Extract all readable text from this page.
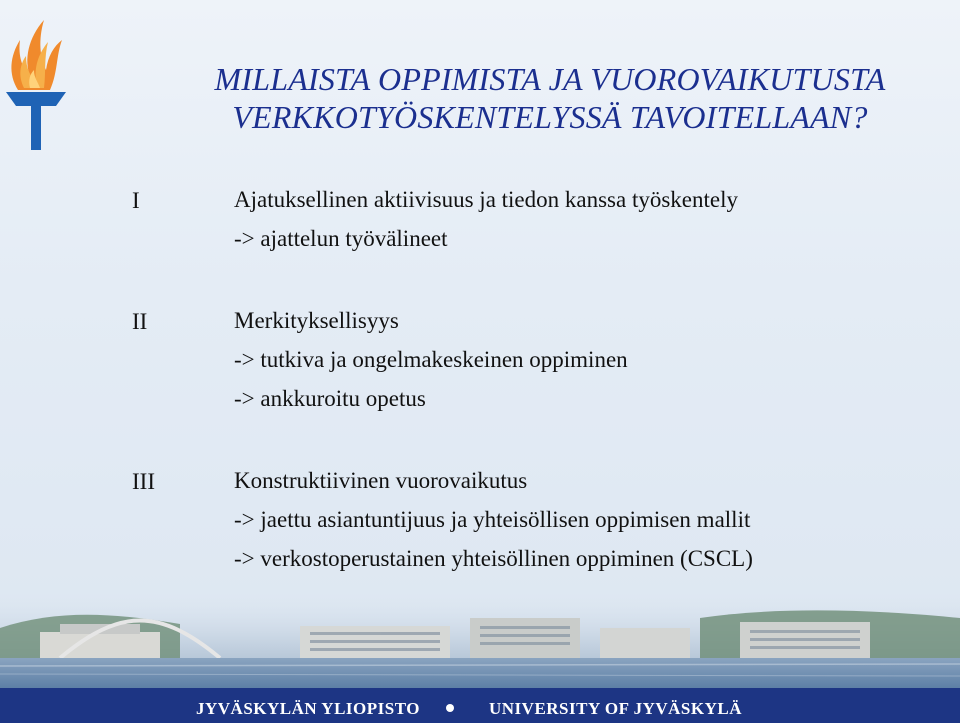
MILLAISTA OPPIMISTA JA VUOROVAIKUTUSTA
VERKKOTYÖSKENTELYSSÄ TAVOITELLAAN?
I	Ajatuksellinen aktiivisuus ja tiedon kanssa työskentely
-> ajattelun työvälineet
II	Merkityksellisyys
-> tutkiva ja ongelmakeskeinen oppiminen
-> ankkuroitu opetus
III	Konstruktiivinen vuorovaikutus
-> jaettu asiantuntijuus ja yhteisöllisen oppimisen mallit
-> verkostoperustainen yhteisöllinen oppiminen (CSCL)
JYVÄSKYLÄN YLIOPISTO	UNIVERSITY OF JYVÄSKYLÄ
